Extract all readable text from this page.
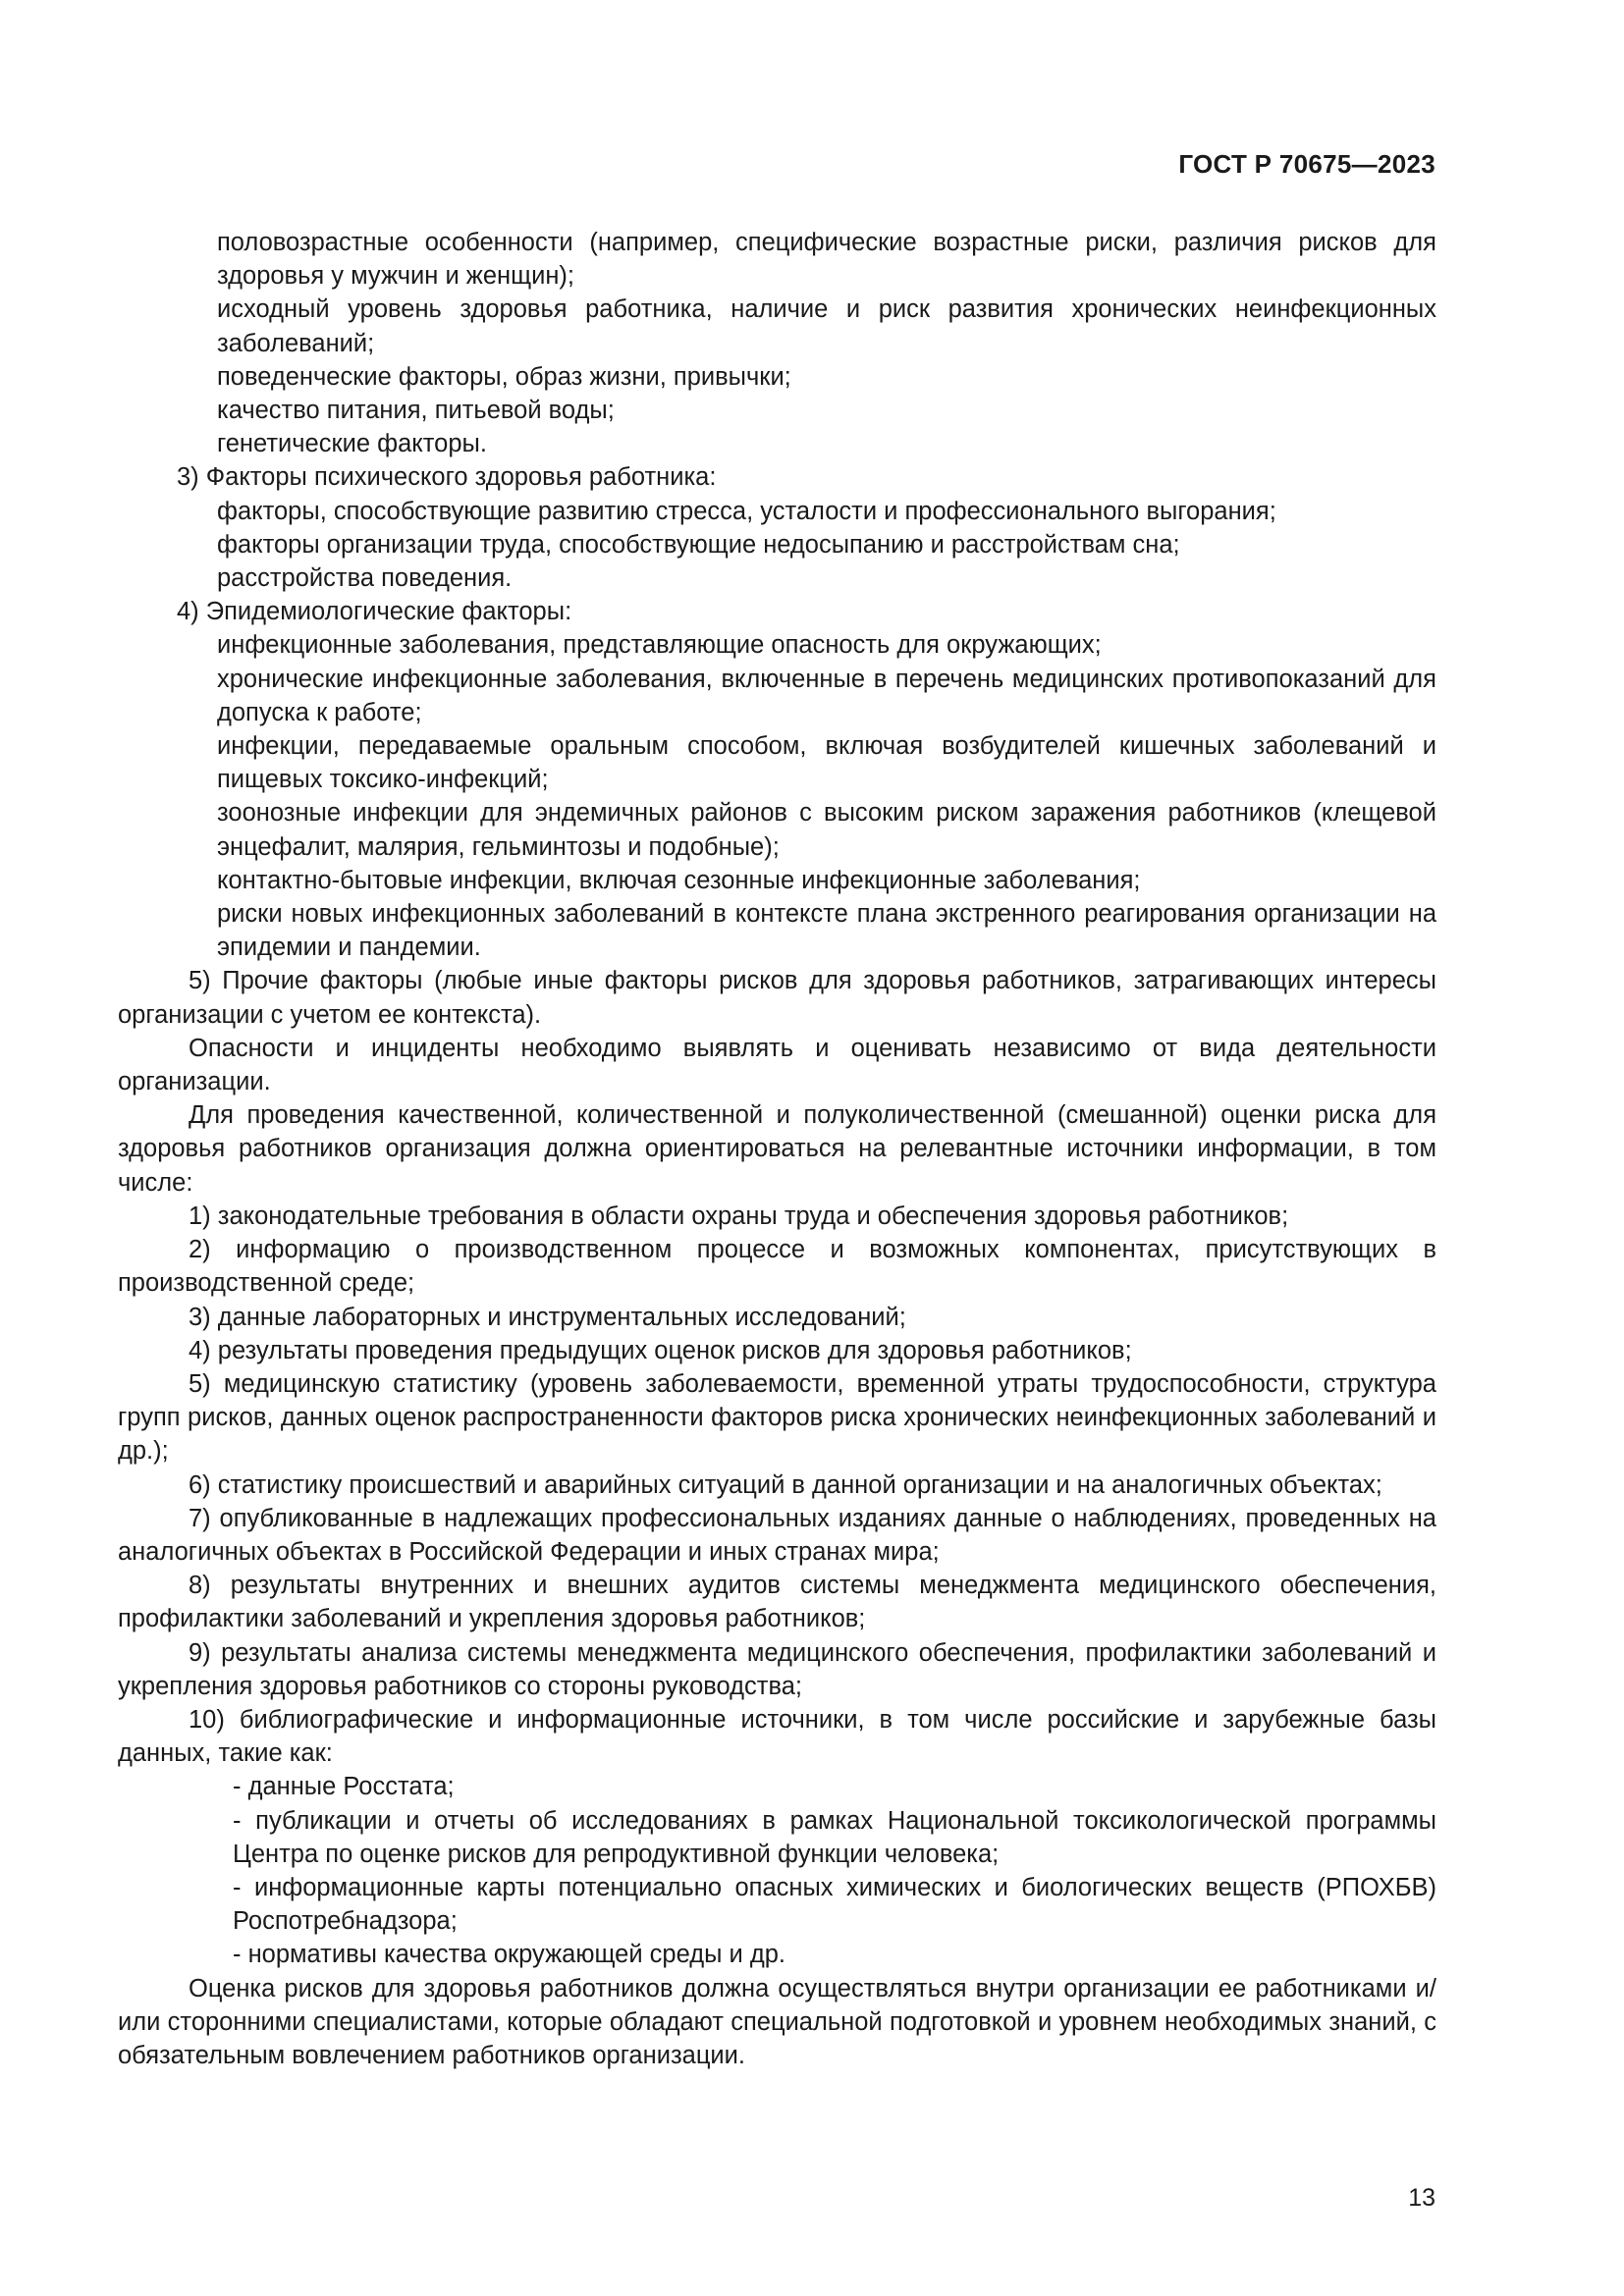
ГОСТ Р 70675—2023

половозрастные особенности (например, специфические возрастные риски, различия рисков для здоровья у мужчин и женщин);

исходный уровень здоровья работника, наличие и риск развития хронических неинфекционных заболеваний;

поведенческие факторы, образ жизни, привычки;

качество питания, питьевой воды;

генетические факторы.

3) Факторы психического здоровья работника:

факторы, способствующие развитию стресса, усталости и профессионального выгорания;

факторы организации труда, способствующие недосыпанию и расстройствам сна;

расстройства поведения.

4) Эпидемиологические факторы:

инфекционные заболевания, представляющие опасность для окружающих;

хронические инфекционные заболевания, включенные в перечень медицинских противопоказаний для допуска к работе;

инфекции, передаваемые оральным способом, включая возбудителей кишечных заболеваний и пищевых токсико-инфекций;

зоонозные инфекции для эндемичных районов с высоким риском заражения работников (клещевой энцефалит, малярия, гельминтозы и подобные);

контактно-бытовые инфекции, включая сезонные инфекционные заболевания;

риски новых инфекционных заболеваний в контексте плана экстренного реагирования организации на эпидемии и пандемии.

5) Прочие факторы (любые иные факторы рисков для здоровья работников, затрагивающих интересы организации с учетом ее контекста).

Опасности и инциденты необходимо выявлять и оценивать независимо от вида деятельности организации.

Для проведения качественной, количественной и полуколичественной (смешанной) оценки риска для здоровья работников организация должна ориентироваться на релевантные источники информации, в том числе:

1) законодательные требования в области охраны труда и обеспечения здоровья работников;

2) информацию о производственном процессе и возможных компонентах, присутствующих в производственной среде;

3) данные лабораторных и инструментальных исследований;

4) результаты проведения предыдущих оценок рисков для здоровья работников;

5) медицинскую статистику (уровень заболеваемости, временной утраты трудоспособности, структура групп рисков, данных оценок распространенности факторов риска хронических неинфекционных заболеваний и др.);

6) статистику происшествий и аварийных ситуаций в данной организации и на аналогичных объектах;

7) опубликованные в надлежащих профессиональных изданиях данные о наблюдениях, проведенных на аналогичных объектах в Российской Федерации и иных странах мира;

8) результаты внутренних и внешних аудитов системы менеджмента медицинского обеспечения, профилактики заболеваний и укрепления здоровья работников;

9) результаты анализа системы менеджмента медицинского обеспечения, профилактики заболеваний и укрепления здоровья работников со стороны руководства;

10) библиографические и информационные источники, в том числе российские и зарубежные базы данных, такие как:

- данные Росстата;

- публикации и отчеты об исследованиях в рамках Национальной токсикологической программы Центра по оценке рисков для репродуктивной функции человека;

- информационные карты потенциально опасных химических и биологических веществ (РПОХБВ) Роспотребнадзора;

- нормативы качества окружающей среды и др.

Оценка рисков для здоровья работников должна осуществляться внутри организации ее работниками и/или сторонними специалистами, которые обладают специальной подготовкой и уровнем необходимых знаний, с обязательным вовлечением работников организации.

13
